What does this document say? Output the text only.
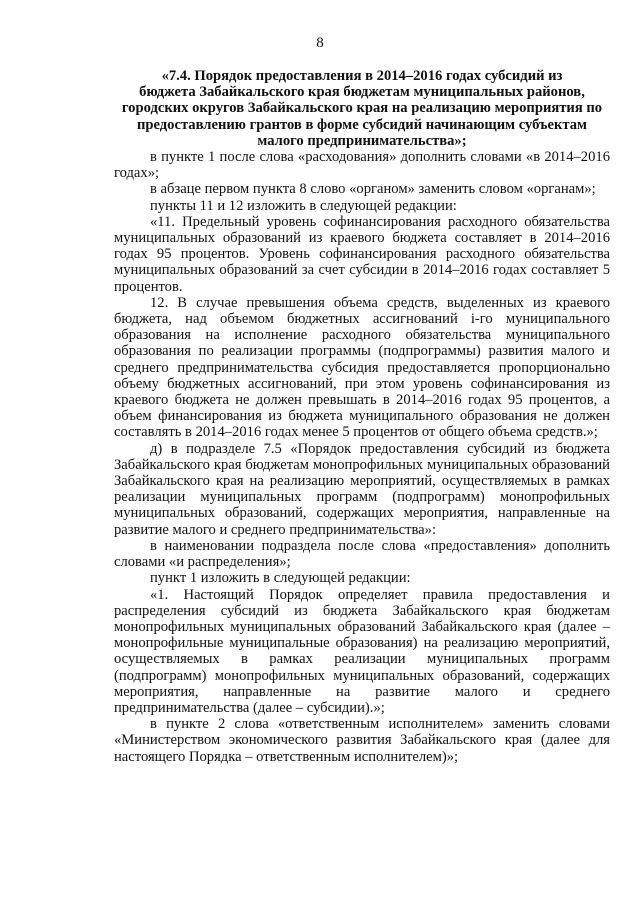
8
«7.4. Порядок предоставления в 2014–2016 годах субсидий из
бюджета Забайкальского края бюджетам муниципальных районов,
городских округов Забайкальского края на реализацию мероприятия по
предоставлению грантов в форме субсидий начинающим субъектам
малого предпринимательства»;

в пункте 1 после слова «расходования» дополнить словами «в 2014–2016 годах»;

в абзаце первом пункта 8 слово «органом» заменить словом «органам»;

пункты 11 и 12 изложить в следующей редакции:

«11. Предельный уровень софинансирования расходного обязательства муниципальных образований из краевого бюджета составляет в 2014–2016 годах 95 процентов. Уровень софинансирования расходного обязательства муниципальных образований за счет субсидии в 2014–2016 годах составляет 5 процентов.

12. В случае превышения объема средств, выделенных из краевого бюджета, над объемом бюджетных ассигнований i-го муниципального образования на исполнение расходного обязательства муниципального образования по реализации программы (подпрограммы) развития малого и среднего предпринимательства субсидия предоставляется пропорционально объему бюджетных ассигнований, при этом уровень софинансирования из краевого бюджета не должен превышать в 2014–2016 годах 95 процентов, а объем финансирования из бюджета муниципального образования не должен составлять в 2014–2016 годах менее 5 процентов от общего объема средств.»;

д) в подразделе 7.5 «Порядок предоставления субсидий из бюджета Забайкальского края бюджетам монопрофильных муниципальных образований Забайкальского края на реализацию мероприятий, осуществляемых в рамках реализации муниципальных программ (подпрограмм) монопрофильных муниципальных образований, содержащих мероприятия, направленные на развитие малого и среднего предпринимательства»:

в наименовании подраздела после слова «предоставления» дополнить словами «и распределения»;

пункт 1 изложить в следующей редакции:

«1. Настоящий Порядок определяет правила предоставления и распределения субсидий из бюджета Забайкальского края бюджетам монопрофильных муниципальных образований Забайкальского края (далее – монопрофильные муниципальные образования) на реализацию мероприятий, осуществляемых в рамках реализации муниципальных программ (подпрограмм) монопрофильных муниципальных образований, содержащих мероприятия, направленные на развитие малого и среднего предпринимательства (далее – субсидии).»;

в пункте 2 слова «ответственным исполнителем» заменить словами «Министерством экономического развития Забайкальского края (далее для настоящего Порядка – ответственным исполнителем)»;
